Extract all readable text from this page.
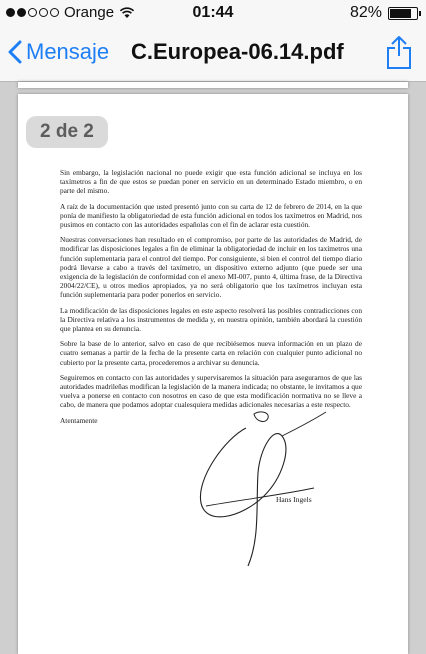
Orange	01:44	82%
Mensaje C.Europea-06.14.pdf
2 de 2

Sin embargo, la legislación nacional no puede exigir que esta función adicional se incluya en los taxímetros a fin de que estos se puedan poner en servicio en un determinado Estado miembro, o en parte del mismo.

A raíz de la documentación que usted presentó junto con su carta de 12 de febrero de 2014, en la que ponía de manifiesto la obligatoriedad de esta función adicional en todos los taxímetros en Madrid, nos pusimos en contacto con las autoridades españolas con el fin de aclarar esta cuestión.

Nuestras conversaciones han resultado en el compromiso, por parte de las autoridades de Madrid, de modificar las disposiciones legales a fin de eliminar la obligatoriedad de incluir en los taxímetros una función suplementaria para el control del tiempo. Por consiguiente, si bien el control del tiempo diario podrá llevarse a cabo a través del taxímetro, un dispositivo externo adjunto (que puede ser una exigencia de la legislación de conformidad con el anexo MI-007, punto 4, última frase, de la Directiva 2004/22/CE), u otros medios apropiados, ya no será obligatorio que los taxímetros incluyan esta función suplementaria para poder ponerlos en servicio.

La modificación de las disposiciones legales en este aspecto resolverá las posibles contradicciones con la Directiva relativa a los instrumentos de medida y, en nuestra opinión, también abordará la cuestión que plantea en su denuncia.

Sobre la base de lo anterior, salvo en caso de que recibiésemos nueva información en un plazo de cuatro semanas a partir de la fecha de la presente carta en relación con cualquier punto adicional no cubierto por la presente carta, procederemos a archivar su denuncia.

Seguiremos en contacto con las autoridades y supervisaremos la situación para asegurarnos de que las autoridades madrileñas modifican la legislación de la manera indicada; no obstante, le invitamos a que vuelva a ponerse en contacto con nosotros en caso de que esta modificación normativa no se lleve a cabo, de manera que podamos adoptar cualesquiera medidas adicionales necesarias a este respecto.

Atentamente

Hans Ingels
